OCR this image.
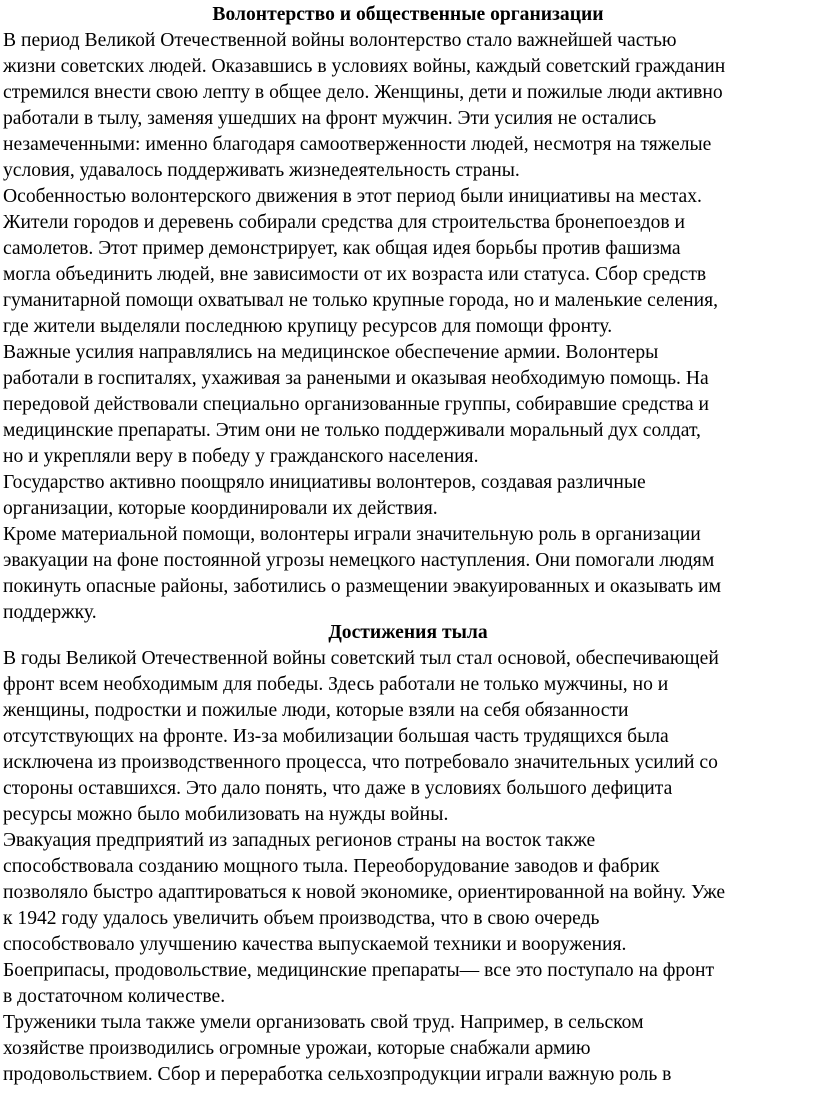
Волонтерство и общественные организации
В период Великой Отечественной войны волонтерство стало важнейшей частью
жизни советских людей. Оказавшись в условиях войны, каждый советский гражданин
стремился внести свою лепту в общее дело. Женщины, дети и пожилые люди активно
работали в тылу, заменяя ушедших на фронт мужчин. Эти усилия не остались
незамеченными: именно благодаря самоотверженности людей, несмотря на тяжелые
условия, удавалось поддерживать жизнедеятельность страны.
Особенностью волонтерского движения в этот период были инициативы на местах.
Жители городов и деревень собирали средства для строительства бронепоездов и
самолетов. Этот пример демонстрирует, как общая идея борьбы против фашизма
могла объединить людей, вне зависимости от их возраста или статуса. Сбор средств
гуманитарной помощи охватывал не только крупные города, но и маленькие селения,
где жители выделяли последнюю крупицу ресурсов для помощи фронту.
Важные усилия направлялись на медицинское обеспечение армии. Волонтеры
работали в госпиталях, ухаживая за ранеными и оказывая необходимую помощь. На
передовой действовали специально организованные группы, собиравшие средства и
медицинские препараты. Этим они не только поддерживали моральный дух солдат,
но и укрепляли веру в победу у гражданского населения.
Государство активно поощряло инициативы волонтеров, создавая различные
организации, которые координировали их действия.
Кроме материальной помощи, волонтеры играли значительную роль в организации
эвакуации на фоне постоянной угрозы немецкого наступления. Они помогали людям
покинуть опасные районы, заботились о размещении эвакуированных и оказывать им
поддержку.
Достижения тыла
В годы Великой Отечественной войны советский тыл стал основой, обеспечивающей
фронт всем необходимым для победы. Здесь работали не только мужчины, но и
женщины, подростки и пожилые люди, которые взяли на себя обязанности
отсутствующих на фронте. Из-за мобилизации большая часть трудящихся была
исключена из производственного процесса, что потребовало значительных усилий со
стороны оставшихся. Это дало понять, что даже в условиях большого дефицита
ресурсы можно было мобилизовать на нужды войны.
Эвакуация предприятий из западных регионов страны на восток также
способствовала созданию мощного тыла. Переоборудование заводов и фабрик
позволяло быстро адаптироваться к новой экономике, ориентированной на войну. Уже
к 1942 году удалось увеличить объем производства, что в свою очередь
способствовало улучшению качества выпускаемой техники и вооружения.
Боеприпасы, продовольствие, медицинские препараты— все это поступало на фронт
в достаточном количестве.
Труженики тыла также умели организовать свой труд. Например, в сельском
хозяйстве производились огромные урожаи, которые снабжали армию
продовольствием. Сбор и переработка сельхозпродукции играли важную роль в
